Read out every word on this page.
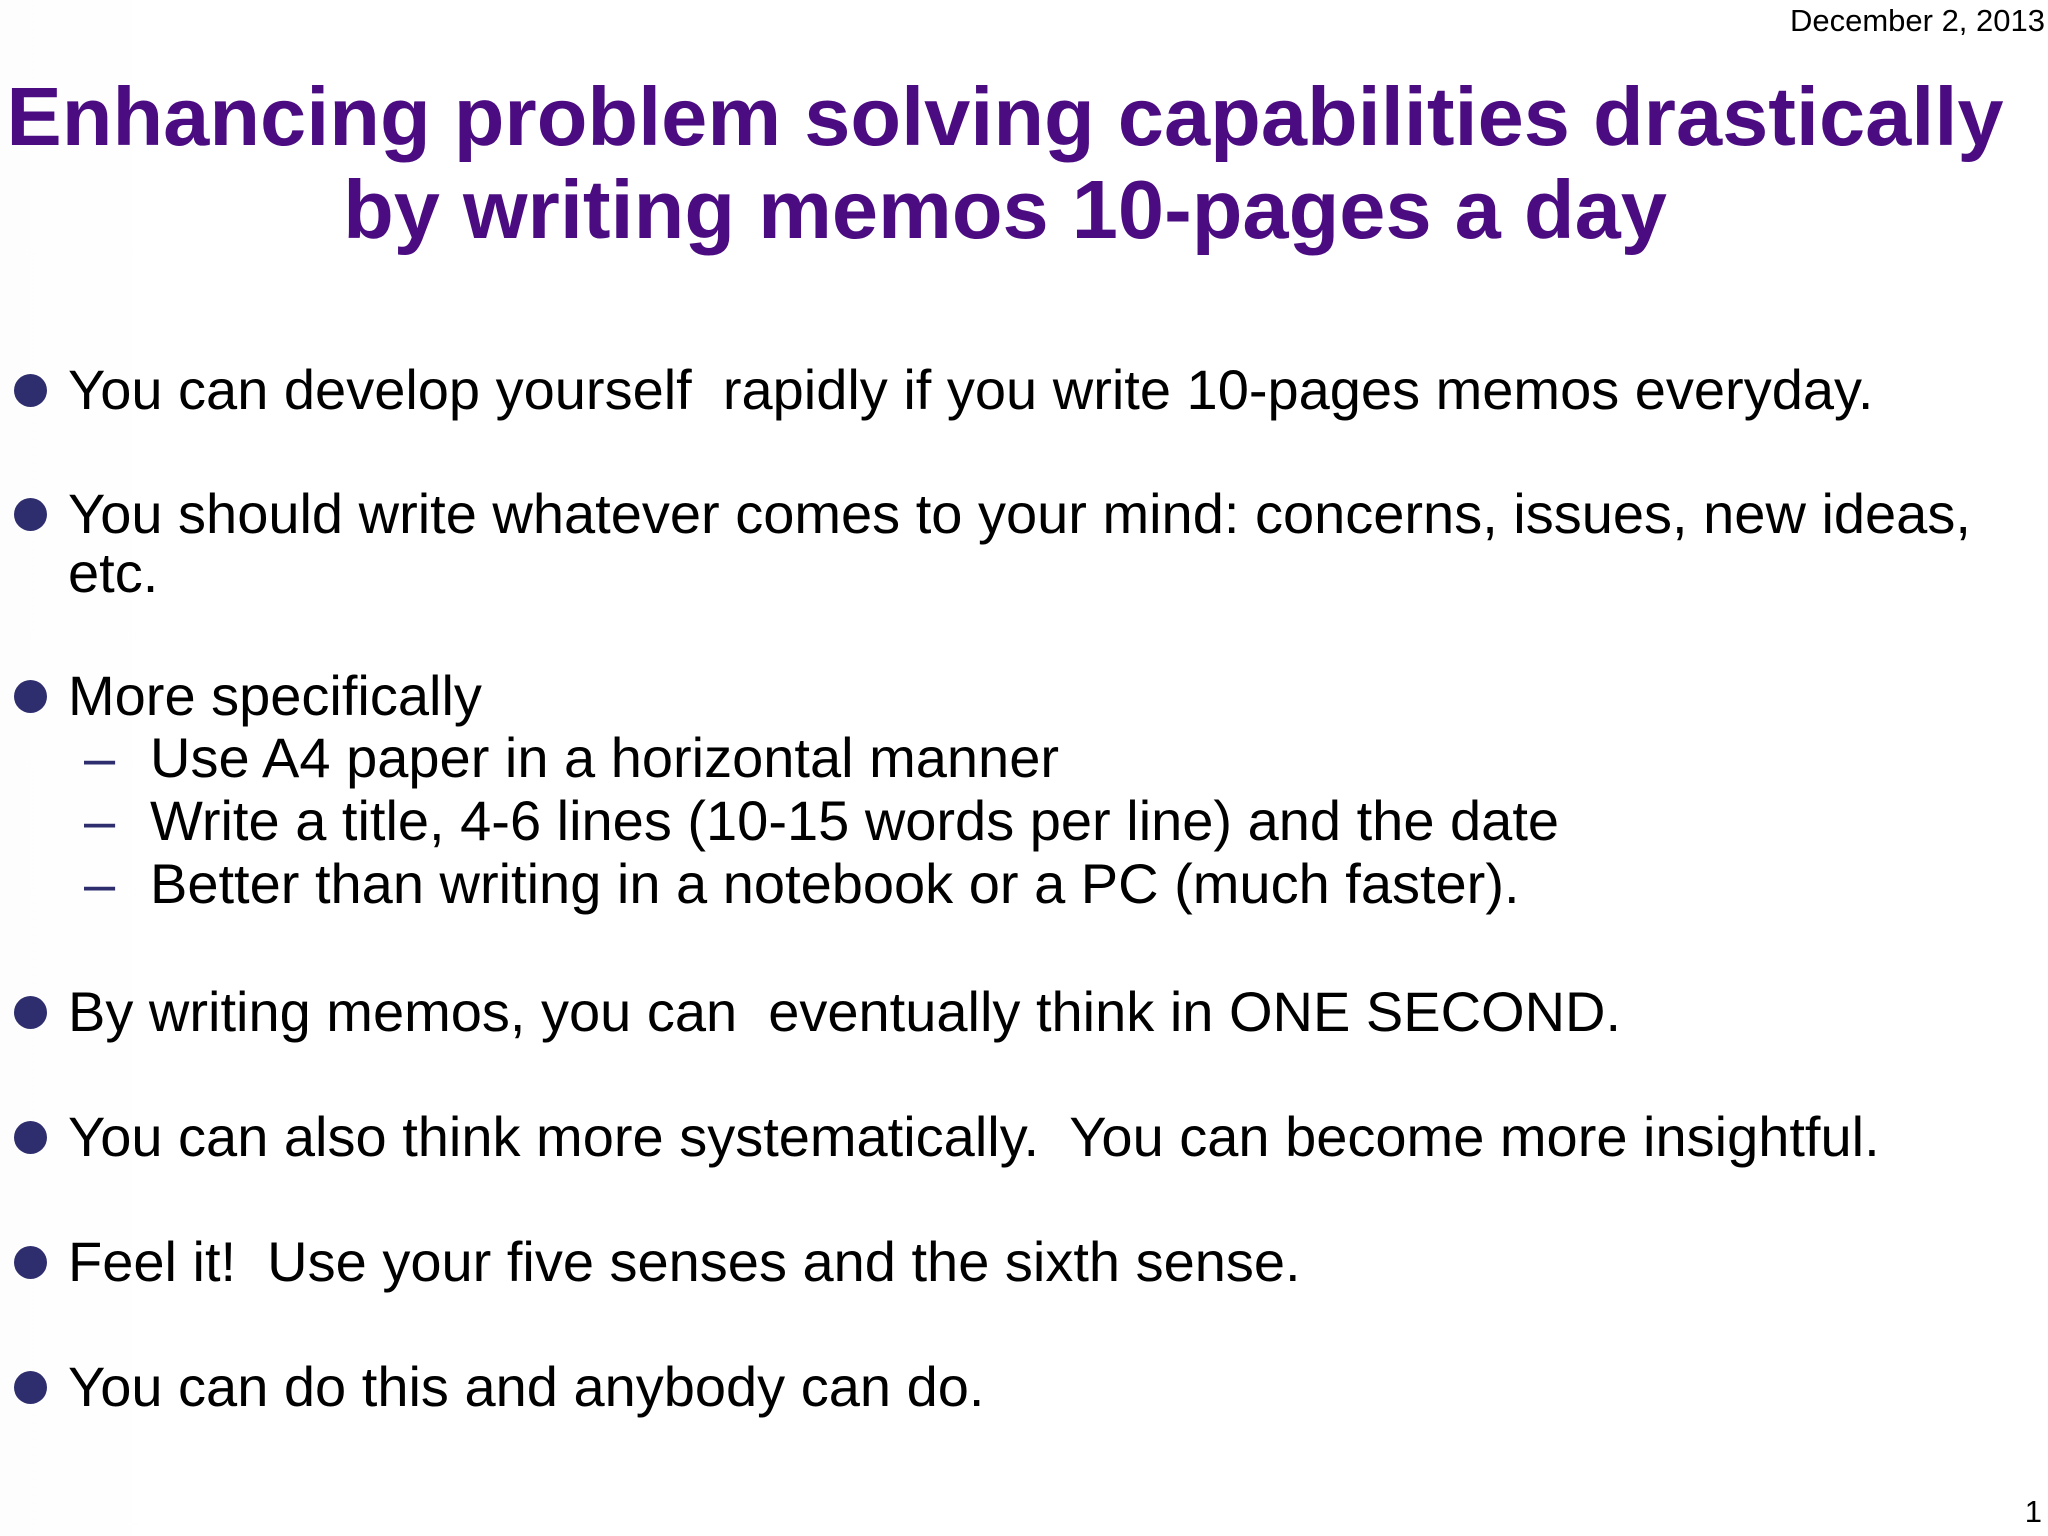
December 2, 2013
Enhancing problem solving capabilities drastically
by writing memos 10-pages a day
You can develop yourself  rapidly if you write 10-pages memos everyday.
You should write whatever comes to your mind: concerns, issues, new ideas, etc.
More specifically
– Use A4 paper in a horizontal manner
– Write a title, 4-6 lines (10-15 words per line) and the date
– Better than writing in a notebook or a PC (much faster).
By writing memos, you can  eventually think in ONE SECOND.
You can also think more systematically.  You can become more insightful.
Feel it!  Use your five senses and the sixth sense.
You can do this and anybody can do.
1
